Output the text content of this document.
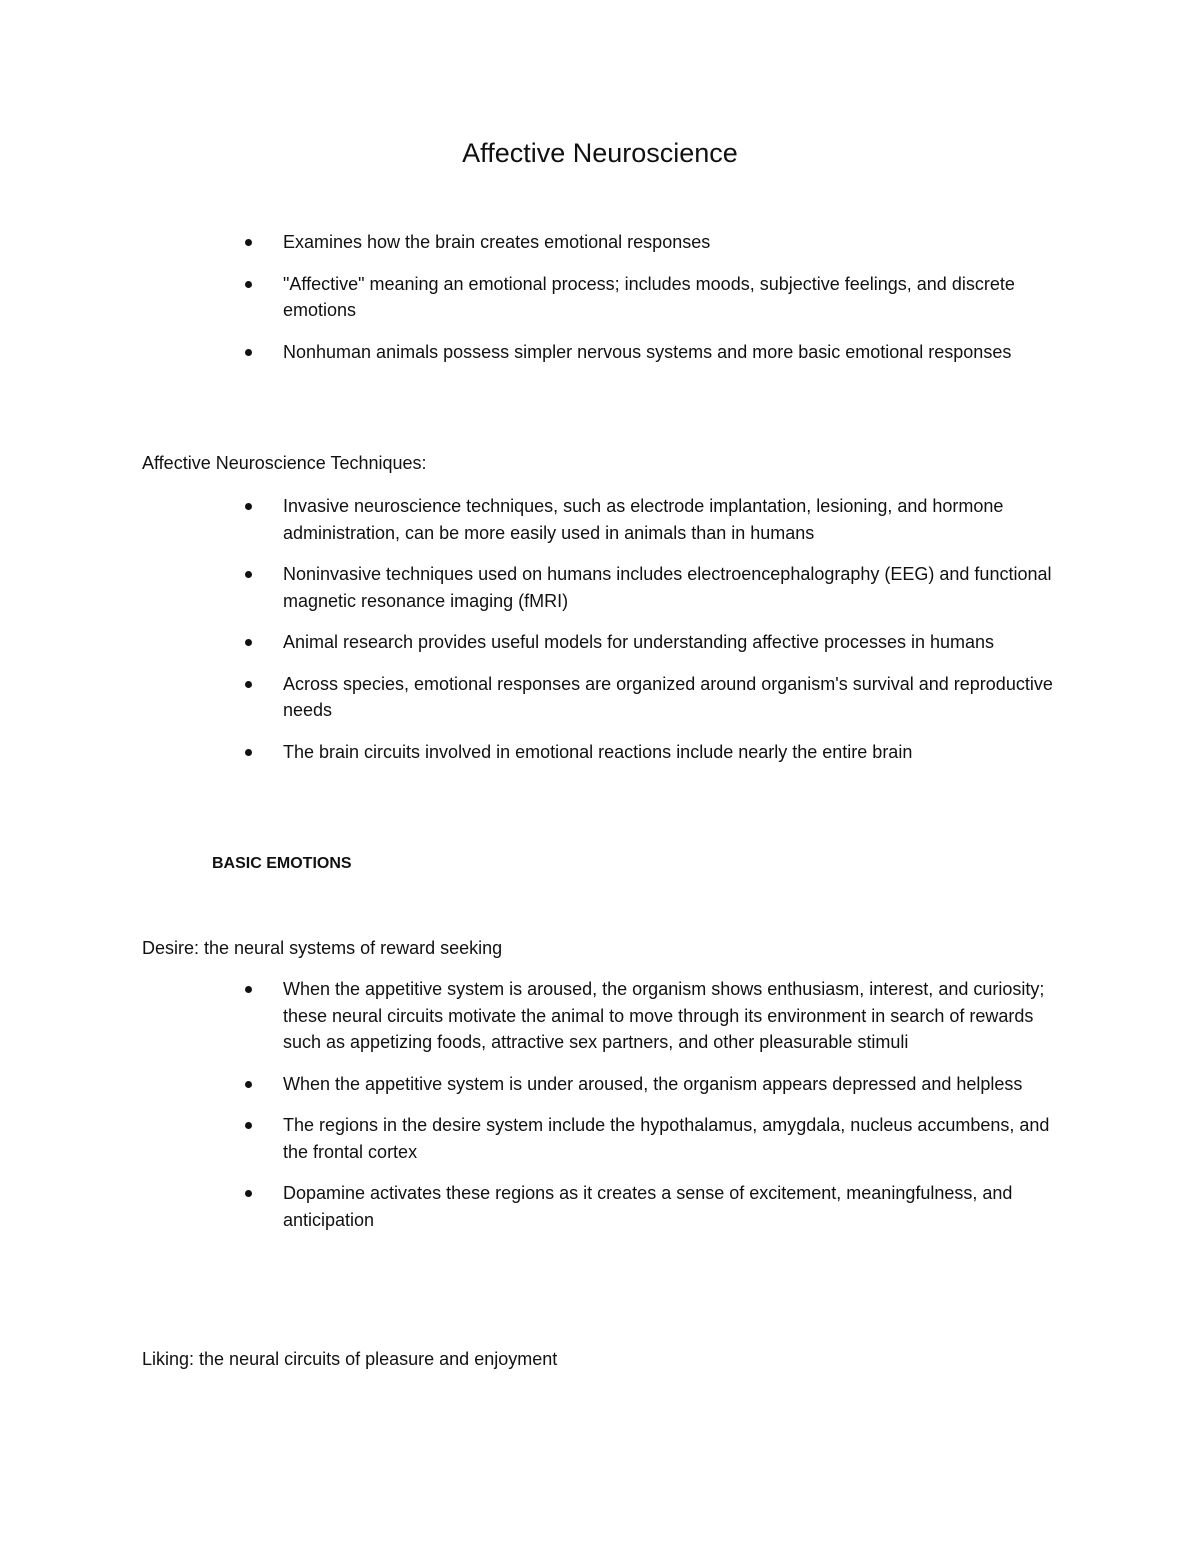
Affective Neuroscience
Examines how the brain creates emotional responses
"Affective" meaning an emotional process; includes moods, subjective feelings, and discrete emotions
Nonhuman animals possess simpler nervous systems and more basic emotional responses

Affective Neuroscience Techniques:

Invasive neuroscience techniques, such as electrode implantation, lesioning, and hormone administration, can be more easily used in animals than in humans
Noninvasive techniques used on humans includes electroencephalography (EEG) and functional magnetic resonance imaging (fMRI)
Animal research provides useful models for understanding affective processes in humans
Across species, emotional responses are organized around organism's survival and reproductive needs
The brain circuits involved in emotional reactions include nearly the entire brain

BASIC EMOTIONS

Desire: the neural systems of reward seeking

When the appetitive system is aroused, the organism shows enthusiasm, interest, and curiosity; these neural circuits motivate the animal to move through its environment in search of rewards such as appetizing foods, attractive sex partners, and other pleasurable stimuli
When the appetitive system is under aroused, the organism appears depressed and helpless
The regions in the desire system include the hypothalamus, amygdala, nucleus accumbens, and the frontal cortex
Dopamine activates these regions as it creates a sense of excitement, meaningfulness, and anticipation

Liking: the neural circuits of pleasure and enjoyment
